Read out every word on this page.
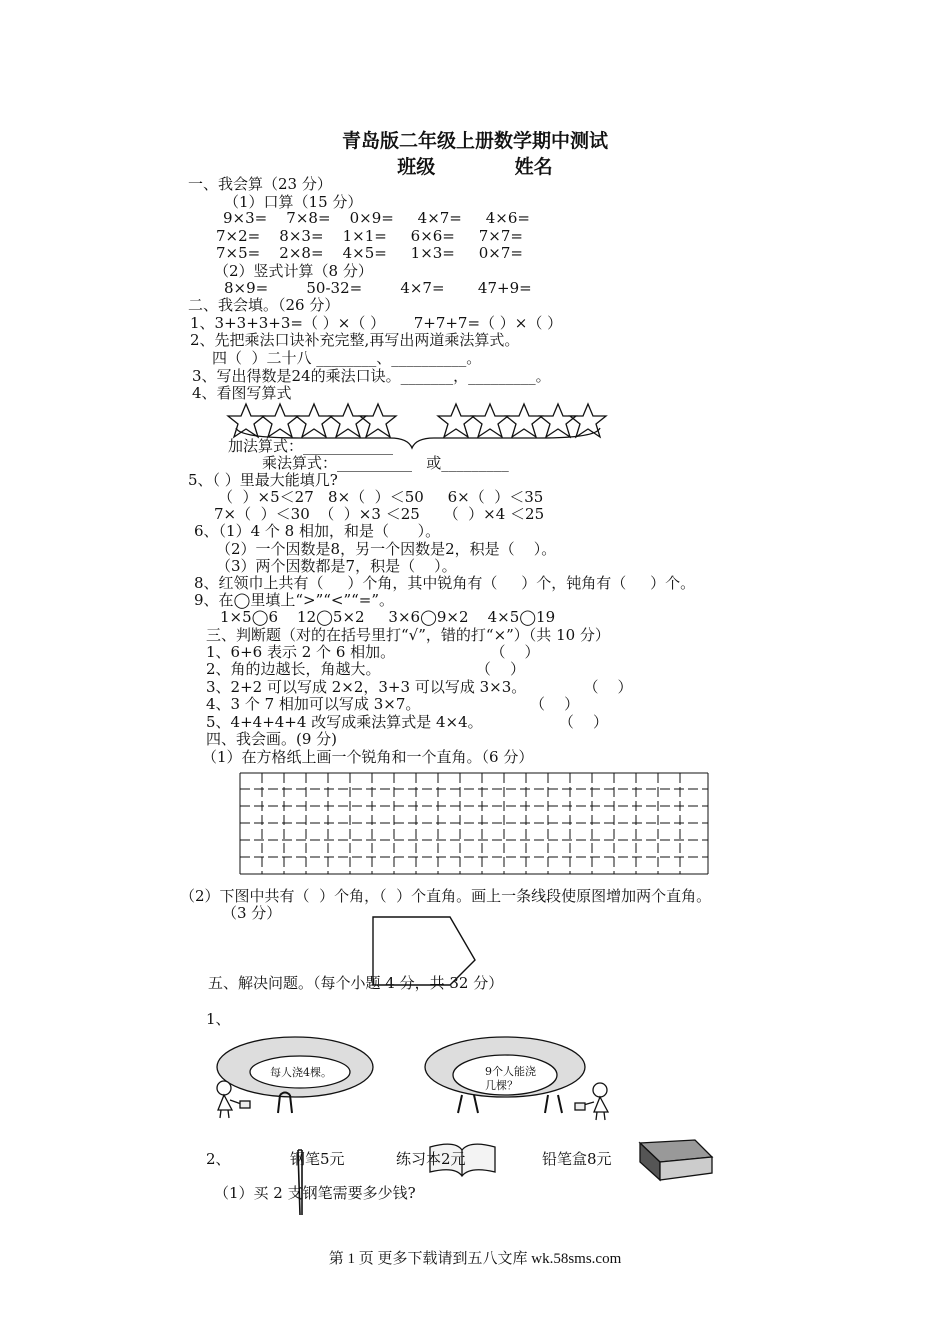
青岛版二年级上册数学期中测试
班级            姓名
一、我会算（23 分）
（1）口算（15 分）
9×3=    7×8=    0×9=     4×7=     4×6=
7×2=    8×3=    1×1=     6×6=     7×7=
7×5=    2×8=    4×5=     1×3=     0×7=
（2）竖式计算（8 分）
8×9=        50-32=        4×7=       47+9=
二、我会填。（26 分）
1、3+3+3+3=（ ）×（ ）      7+7+7=（ ）×（ ）
2、先把乘法口诀补充完整,再写出两道乘法算式。
四（  ）二十八 ________、__________。
3、写出得数是24的乘法口诀。_______，_________。
4、看图写算式
加法算式：____________
乘法算式：__________   或_________
5、（ ）里最大能填几?
（  ）×5＜27   8×（  ）＜50     6×（  ）＜35
7×（  ）＜30  （  ）×3 ＜25     （  ）×4 ＜25
6、（1）4 个 8 相加，和是（      ）。
（2）一个因数是8，另一个因数是2，积是（    ）。
（3）两个因数都是7，积是（    ）。
8、红领巾上共有（     ）个角，其中锐角有（     ）个，钝角有（     ）个。
9、在◯里填上“>”“<”“=”。
1×5◯6    12◯5×2     3×6◯9×2    4×5◯19
三、判断题（对的在括号里打“√”，错的打“×”）（共 10 分）
1、6+6 表示 2 个 6 相加。                    （    ）
2、角的边越长，角越大。                    （    ）
3、2+2 可以写成 2×2，3+3 可以写成 3×3。            （    ）
4、3 个 7 相加可以写成 3×7。                       （    ）
5、4+4+4+4 改写成乘法算式是 4×4。                （    ）
四、我会画。(9 分)
（1）在方格纸上画一个锐角和一个直角。（6 分）
（2）下图中共有（  ）个角，（  ）个直角。画上一条线段使原图增加两个直角。
（3 分）
五、解决问题。（每个小题 4 分，共 32 分）
1、
每人浇4棵。	9个人能浇
几棵？
2、	钢笔5元	练习本2元	铅笔盒8元
（1）买 2 支钢笔需要多少钱?
第 1 页 更多下载请到五八文库 wk.58sms.com
